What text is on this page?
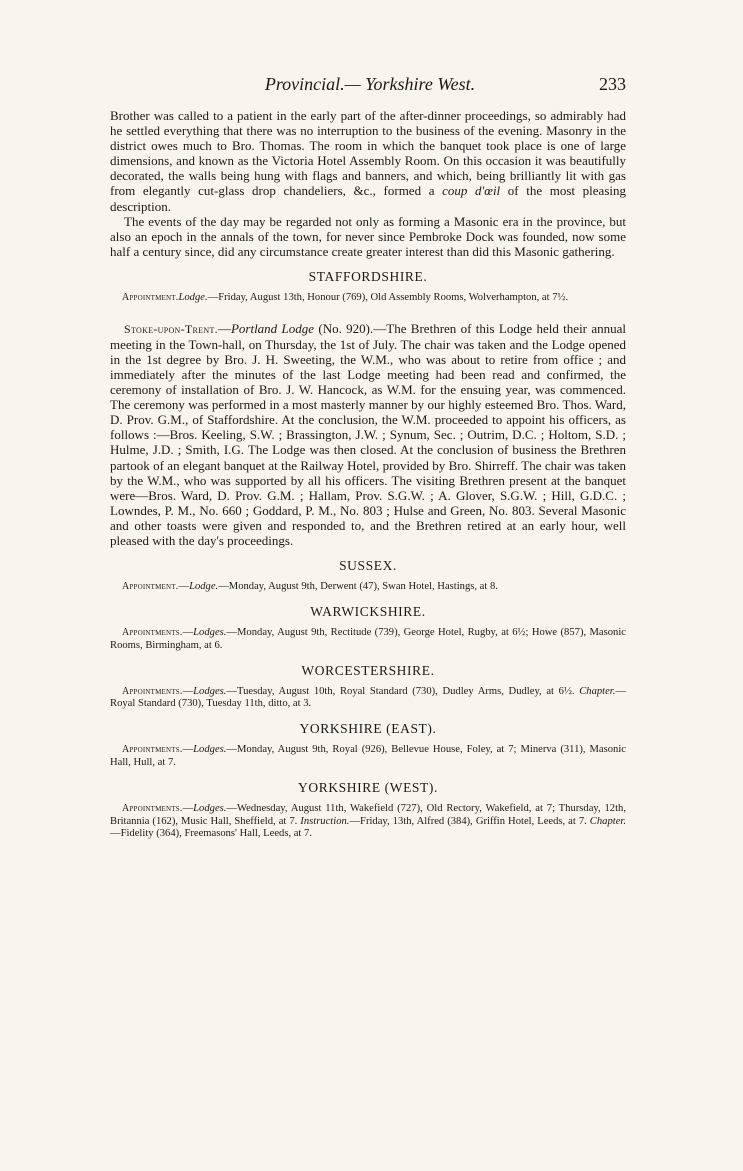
Provincial.— Yorkshire West.	233

Brother was called to a patient in the early part of the after-dinner proceedings, so admirably had he settled everything that there was no interruption to the business of the evening. Masonry in the district owes much to Bro. Thomas. The room in which the banquet took place is one of large dimensions, and known as the Victoria Hotel Assembly Room. On this occasion it was beautifully decorated, the walls being hung with flags and banners, and which, being brilliantly lit with gas from elegantly cut-glass drop chandeliers, &c., formed a coup d'œil of the most pleasing description.

The events of the day may be regarded not only as forming a Masonic era in the province, but also an epoch in the annals of the town, for never since Pembroke Dock was founded, now some half a century since, did any circumstance create greater interest than did this Masonic gathering.

STAFFORDSHIRE.

Appointment.Lodge.—Friday, August 13th, Honour (769), Old Assembly Rooms, Wolverhampton, at 7½.

Stoke-upon-Trent.—Portland Lodge (No. 920).—The Brethren of this Lodge held their annual meeting in the Town-hall, on Thursday, the 1st of July. The chair was taken and the Lodge opened in the 1st degree by Bro. J. H. Sweeting, the W.M., who was about to retire from office ; and immediately after the minutes of the last Lodge meeting had been read and confirmed, the ceremony of installation of Bro. J. W. Hancock, as W.M. for the ensuing year, was commenced. The ceremony was performed in a most masterly manner by our highly esteemed Bro. Thos. Ward, D. Prov. G.M., of Staffordshire. At the conclusion, the W.M. proceeded to appoint his officers, as follows :—Bros. Keeling, S.W. ; Brassington, J.W. ; Synum, Sec. ; Outrim, D.C. ; Holtom, S.D. ; Hulme, J.D. ; Smith, I.G. The Lodge was then closed. At the conclusion of business the Brethren partook of an elegant banquet at the Railway Hotel, provided by Bro. Shirreff. The chair was taken by the W.M., who was supported by all his officers. The visiting Brethren present at the banquet were—Bros. Ward, D. Prov. G.M. ; Hallam, Prov. S.G.W. ; A. Glover, S.G.W. ; Hill, G.D.C. ; Lowndes, P. M., No. 660 ; Goddard, P. M., No. 803 ; Hulse and Green, No. 803. Several Masonic and other toasts were given and responded to, and the Brethren retired at an early hour, well pleased with the day's proceedings.

SUSSEX.

Appointment.—Lodge.—Monday, August 9th, Derwent (47), Swan Hotel, Hastings, at 8.

WARWICKSHIRE.

Appointments.—Lodges.—Monday, August 9th, Rectitude (739), George Hotel, Rugby, at 6½; Howe (857), Masonic Rooms, Birmingham, at 6.

WORCESTERSHIRE.

Appointments.—Lodges.—Tuesday, August 10th, Royal Standard (730), Dudley Arms, Dudley, at 6½. Chapter.—Royal Standard (730), Tuesday 11th, ditto, at 3.

YORKSHIRE (EAST).

Appointments.—Lodges.—Monday, August 9th, Royal (926), Bellevue House, Foley, at 7; Minerva (311), Masonic Hall, Hull, at 7.

YORKSHIRE (WEST).

Appointments.—Lodges.—Wednesday, August 11th, Wakefield (727), Old Rectory, Wakefield, at 7; Thursday, 12th, Britannia (162), Music Hall, Sheffield, at 7. Instruction.—Friday, 13th, Alfred (384), Griffin Hotel, Leeds, at 7. Chapter.—Fidelity (364), Freemasons' Hall, Leeds, at 7.
